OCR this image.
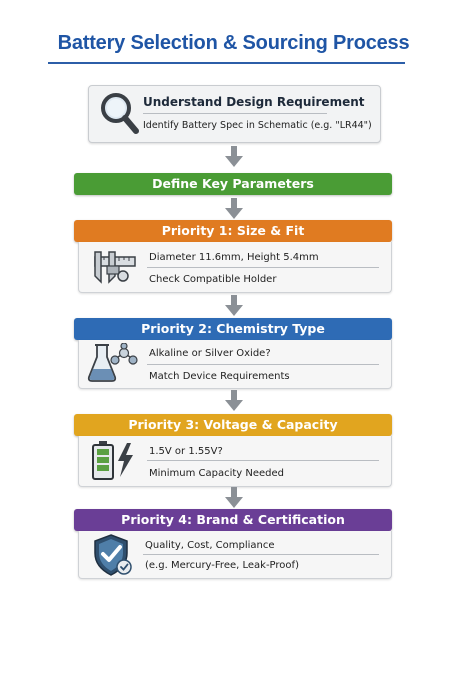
Battery Selection & Sourcing Process
Understand Design Requirement
Identify Battery Spec in Schematic (e.g. "LR44")
Define Key Parameters
Priority 1: Size & Fit
Diameter 11.6mm, Height 5.4mm
Check Compatible Holder
Priority 2: Chemistry Type
Alkaline or Silver Oxide?
Match Device Requirements
Priority 3: Voltage & Capacity
1.5V or 1.55V?
Minimum Capacity Needed
Priority 4: Brand & Certification
Quality, Cost, Compliance
(e.g. Mercury-Free, Leak-Proof)
